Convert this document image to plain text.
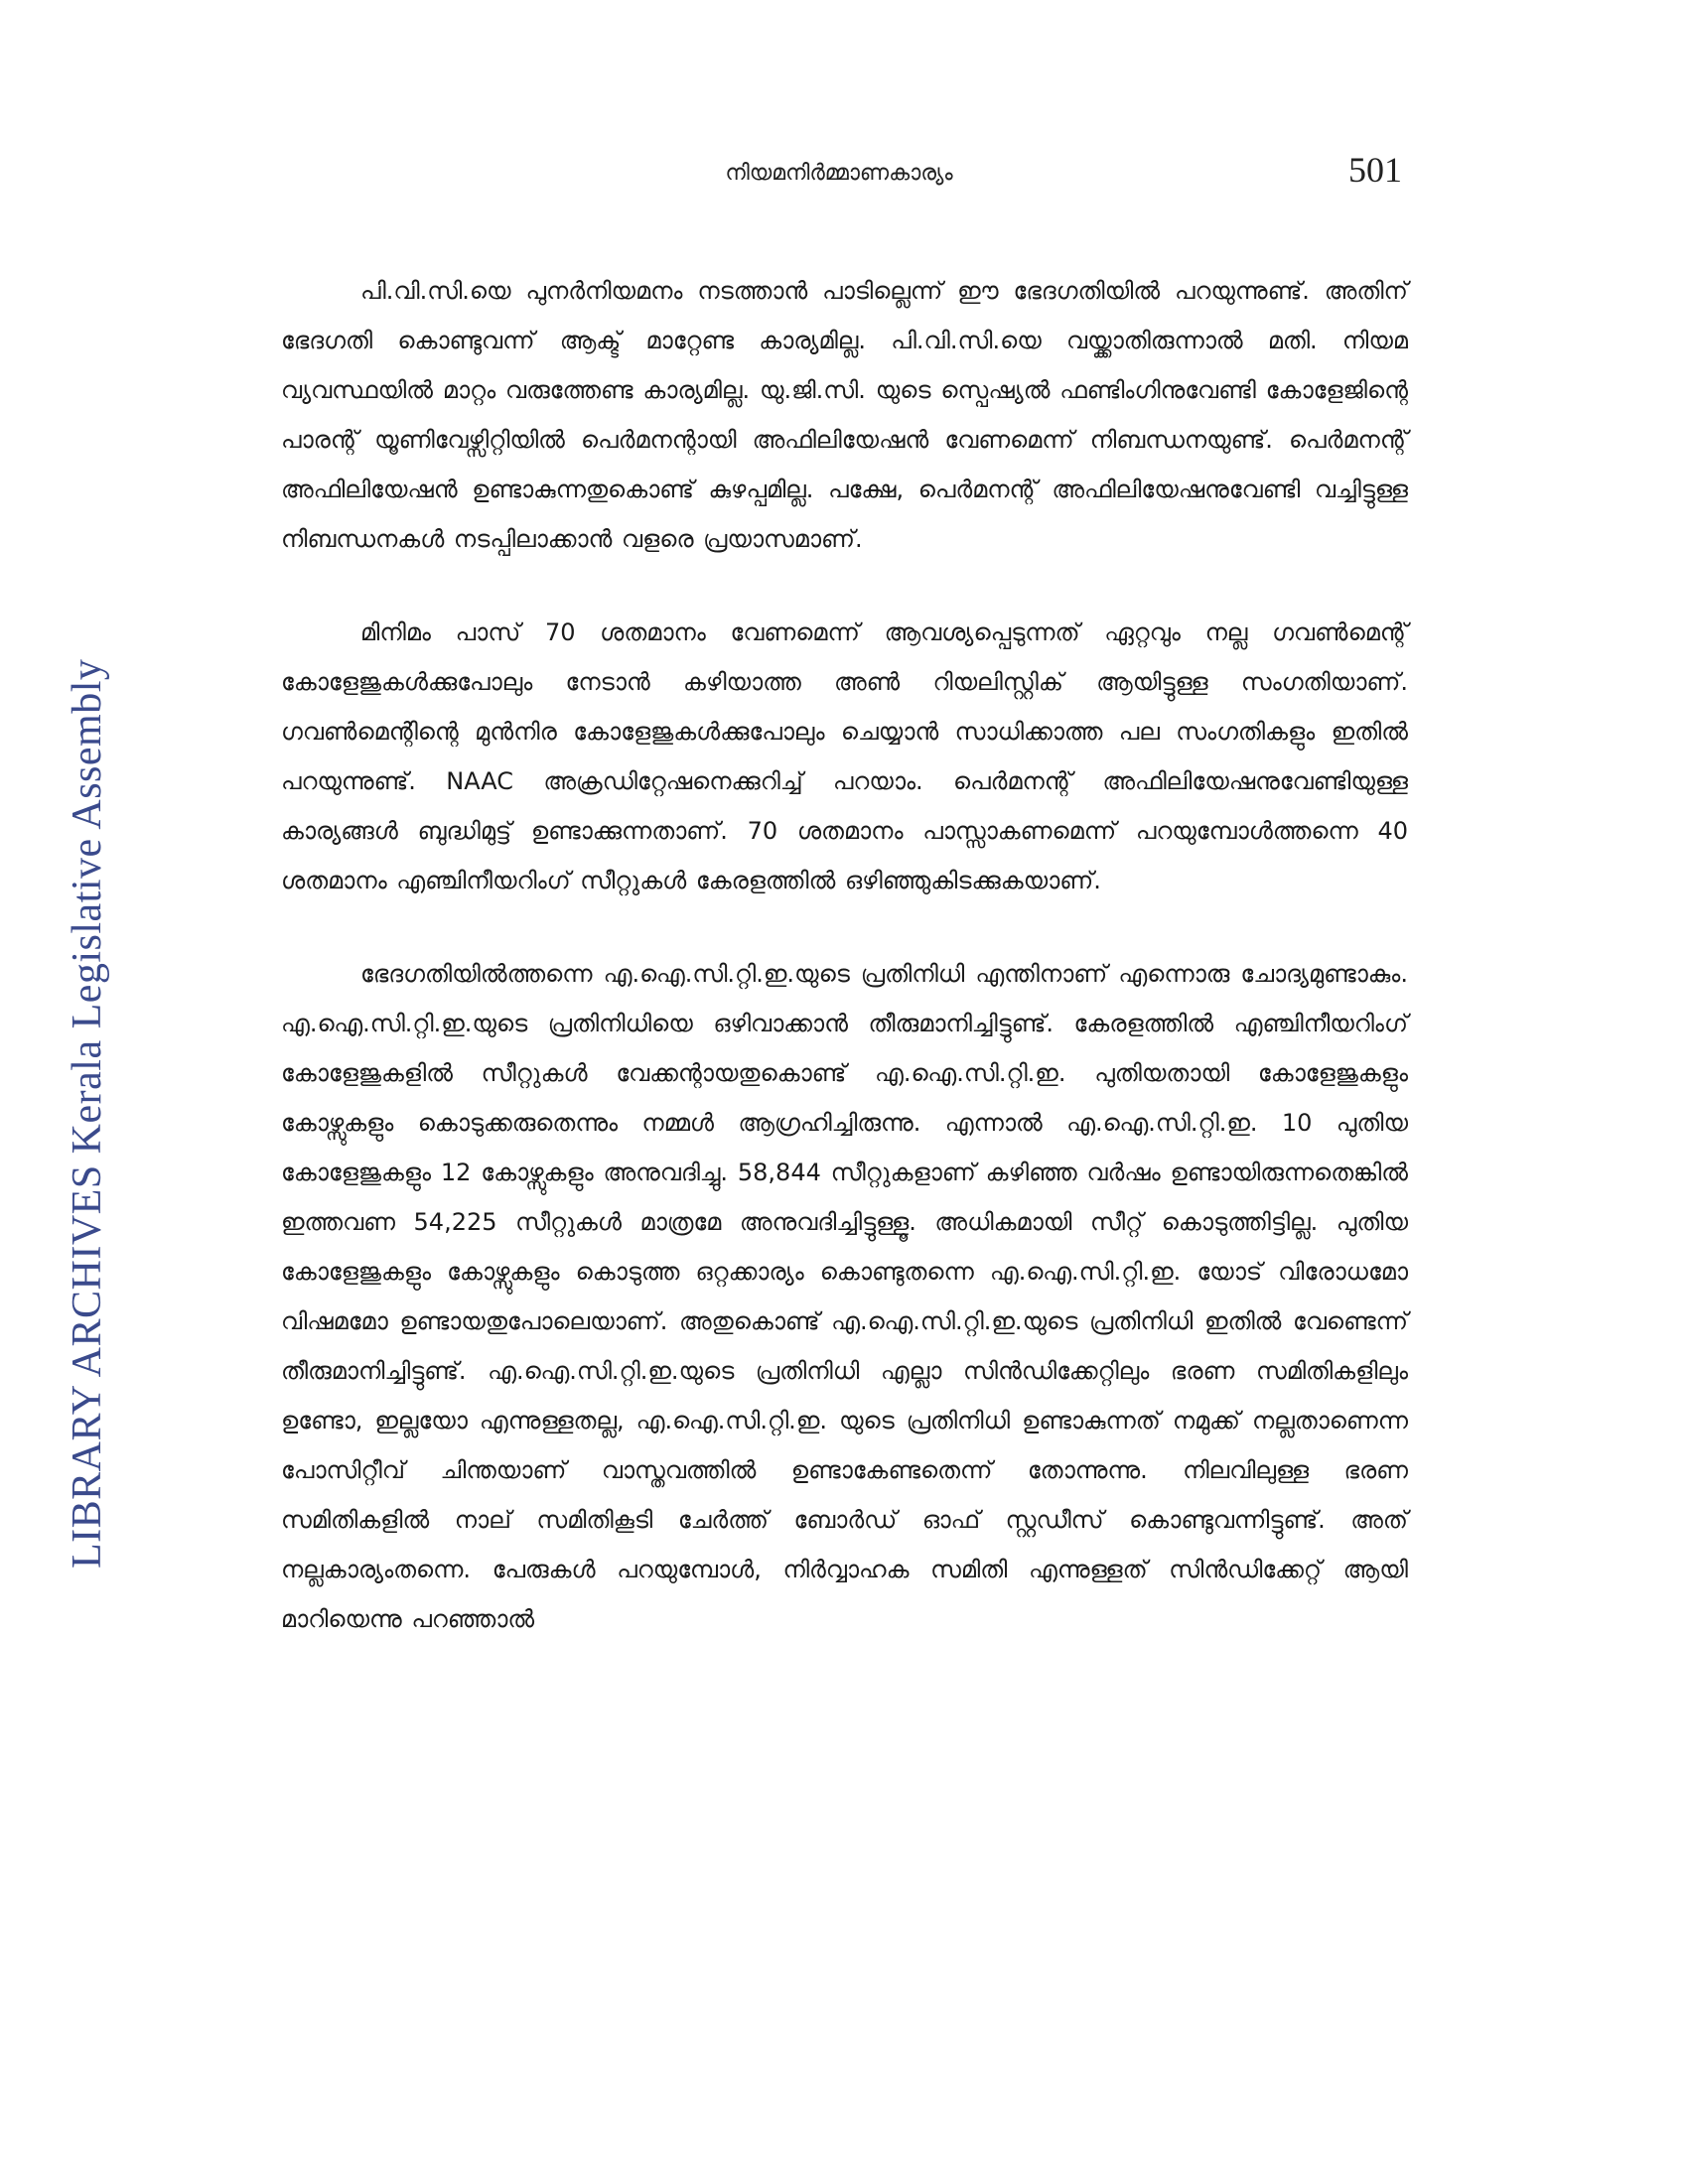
LIBRARY ARCHIVES Kerala Legislative Assembly
നിയമനിർമ്മാണകാര്യം	501

പി.വി.സി.യെ പുനർനിയമനം നടത്താൻ പാടില്ലെന്ന് ഈ ഭേദഗതിയിൽ പറയുന്നുണ്ട്. അതിന് ഭേദഗതി കൊണ്ടുവന്ന് ആക്ട് മാറ്റേണ്ട കാര്യമില്ല. പി.വി.സി.യെ വയ്ക്കാതിരുന്നാൽ മതി. നിയമ വ്യവസ്ഥയിൽ മാറ്റം വരുത്തേണ്ട കാര്യമില്ല. യു.ജി.സി. യുടെ സ്പെഷ്യൽ ഫണ്ടിംഗിനുവേണ്ടി കോളേജിന്റെ പാരന്റ് യൂണിവേഴ്സിറ്റിയിൽ പെർമനന്റായി അഫിലിയേഷൻ വേണമെന്ന് നിബന്ധനയുണ്ട്. പെർമനന്റ് അഫിലിയേഷൻ ഉണ്ടാകുന്നതുകൊണ്ട് കുഴപ്പമില്ല. പക്ഷേ, പെർമനന്റ് അഫിലിയേഷനുവേണ്ടി വച്ചിട്ടുള്ള നിബന്ധനകൾ നടപ്പിലാക്കാൻ വളരെ പ്രയാസമാണ്.

മിനിമം പാസ് 70 ശതമാനം വേണമെന്ന് ആവശ്യപ്പെടുന്നത് ഏറ്റവും നല്ല ഗവൺമെന്റ് കോളേജുകൾക്കുപോലും നേടാൻ കഴിയാത്ത അൺ റിയലിസ്റ്റിക് ആയിട്ടുള്ള സംഗതിയാണ്. ഗവൺമെന്റിന്റെ മുൻനിര കോളേജുകൾക്കുപോലും ചെയ്യാൻ സാധിക്കാത്ത പല സംഗതികളും ഇതിൽ പറയുന്നുണ്ട്. NAAC അക്രഡിറ്റേഷനെക്കുറിച്ച് പറയാം. പെർമനന്റ് അഫിലിയേഷനുവേണ്ടിയുള്ള കാര്യങ്ങൾ ബുദ്ധിമുട്ട് ഉണ്ടാക്കുന്നതാണ്. 70 ശതമാനം പാസ്സാകണമെന്ന് പറയുമ്പോൾത്തന്നെ 40 ശതമാനം എഞ്ചിനീയറിംഗ് സീറ്റുകൾ കേരളത്തിൽ ഒഴിഞ്ഞുകിടക്കുകയാണ്.

ഭേദഗതിയിൽത്തന്നെ എ.ഐ.സി.റ്റി.ഇ.യുടെ പ്രതിനിധി എന്തിനാണ് എന്നൊരു ചോദ്യമുണ്ടാകും. എ.ഐ.സി.റ്റി.ഇ.യുടെ പ്രതിനിധിയെ ഒഴിവാക്കാൻ തീരുമാനിച്ചിട്ടുണ്ട്. കേരളത്തിൽ എഞ്ചിനീയറിംഗ് കോളേജുകളിൽ സീറ്റുകൾ വേക്കന്റായതുകൊണ്ട് എ.ഐ.സി.റ്റി.ഇ. പുതിയതായി കോളേജുകളും കോഴ്സുകളും കൊടുക്കരുതെന്നും നമ്മൾ ആഗ്രഹിച്ചിരുന്നു. എന്നാൽ എ.ഐ.സി.റ്റി.ഇ. 10 പുതിയ കോളേജുകളും 12 കോഴ്സുകളും അനുവദിച്ചു. 58,844 സീറ്റുകളാണ് കഴിഞ്ഞ വർഷം ഉണ്ടായിരുന്നതെങ്കിൽ ഇത്തവണ 54,225 സീറ്റുകൾ മാത്രമേ അനുവദിച്ചിട്ടുള്ളൂ. അധികമായി സീറ്റ് കൊടുത്തിട്ടില്ല. പുതിയ കോളേജുകളും കോഴ്സുകളും കൊടുത്ത ഒറ്റക്കാര്യം കൊണ്ടുതന്നെ എ.ഐ.സി.റ്റി.ഇ. യോട് വിരോധമോ വിഷമമോ ഉണ്ടായതുപോലെയാണ്. അതുകൊണ്ട് എ.ഐ.സി.റ്റി.ഇ.യുടെ പ്രതിനിധി ഇതിൽ വേണ്ടെന്ന് തീരുമാനിച്ചിട്ടുണ്ട്. എ.ഐ.സി.റ്റി.ഇ.യുടെ പ്രതിനിധി എല്ലാ സിൻഡിക്കേറ്റിലും ഭരണ സമിതികളിലും ഉണ്ടോ, ഇല്ലയോ എന്നുള്ളതല്ല, എ.ഐ.സി.റ്റി.ഇ. യുടെ പ്രതിനിധി ഉണ്ടാകുന്നത് നമുക്ക് നല്ലതാണെന്ന പോസിറ്റീവ് ചിന്തയാണ് വാസ്തവത്തിൽ ഉണ്ടാകേണ്ടതെന്ന് തോന്നുന്നു. നിലവിലുള്ള ഭരണ സമിതികളിൽ നാല് സമിതികൂടി ചേർത്ത് ബോർഡ് ഓഫ് സ്റ്റഡീസ് കൊണ്ടുവന്നിട്ടുണ്ട്. അത് നല്ലകാര്യംതന്നെ. പേരുകൾ പറയുമ്പോൾ, നിർവ്വാഹക സമിതി എന്നുള്ളത് സിൻഡിക്കേറ്റ് ആയി മാറിയെന്നു പറഞ്ഞാൽ
